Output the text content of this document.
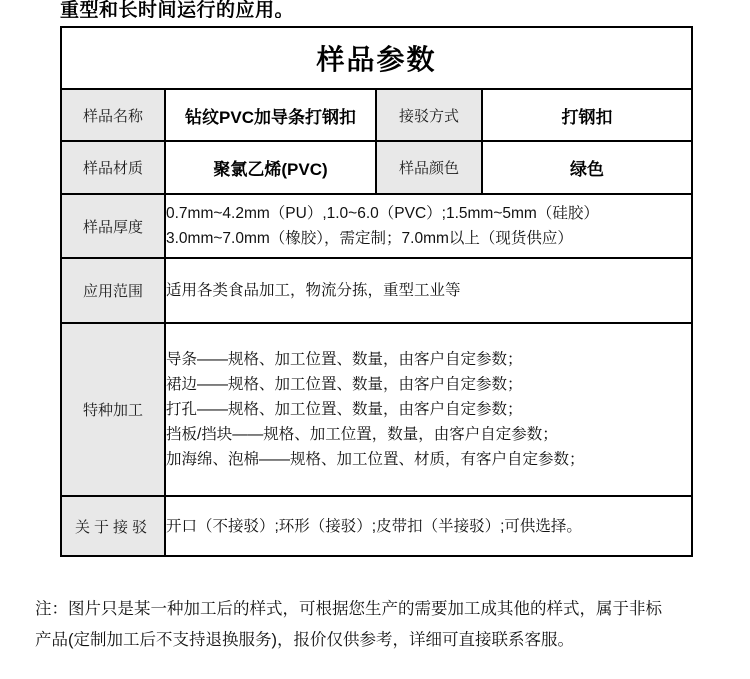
重型和长时间运行的应用。
样品参数			
样品名称	钻纹PVC加导条打钢扣	接驳方式	打钢扣
样品材质	聚氯乙烯(PVC)	样品颜色	绿色
样品厚度	0.7mm~4.2mm（PU）,1.0~6.0（PVC）;1.5mm~5mm（硅胶）
3.0mm~7.0mm（橡胶），需定制；7.0mm以上（现货供应）		

应用范围	适用各类食品加工，物流分拣，重型工业等		
特种加工	导条——规格、加工位置、数量，由客户自定参数；
裙边——规格、加工位置、数量，由客户自定参数；
打孔——规格、加工位置、数量，由客户自定参数；
挡板/挡块——规格、加工位置，数量，由客户自定参数；
加海绵、泡棉——规格、加工位置、材质，有客户自定参数；		

关于接驳	开口（不接驳）;环形（接驳）;皮带扣（半接驳）;可供选择。		
注：图片只是某一种加工后的样式，可根据您生产的需要加工成其他的样式，属于非标
产品(定制加工后不支持退换服务)，报价仅供参考，详细可直接联系客服。
